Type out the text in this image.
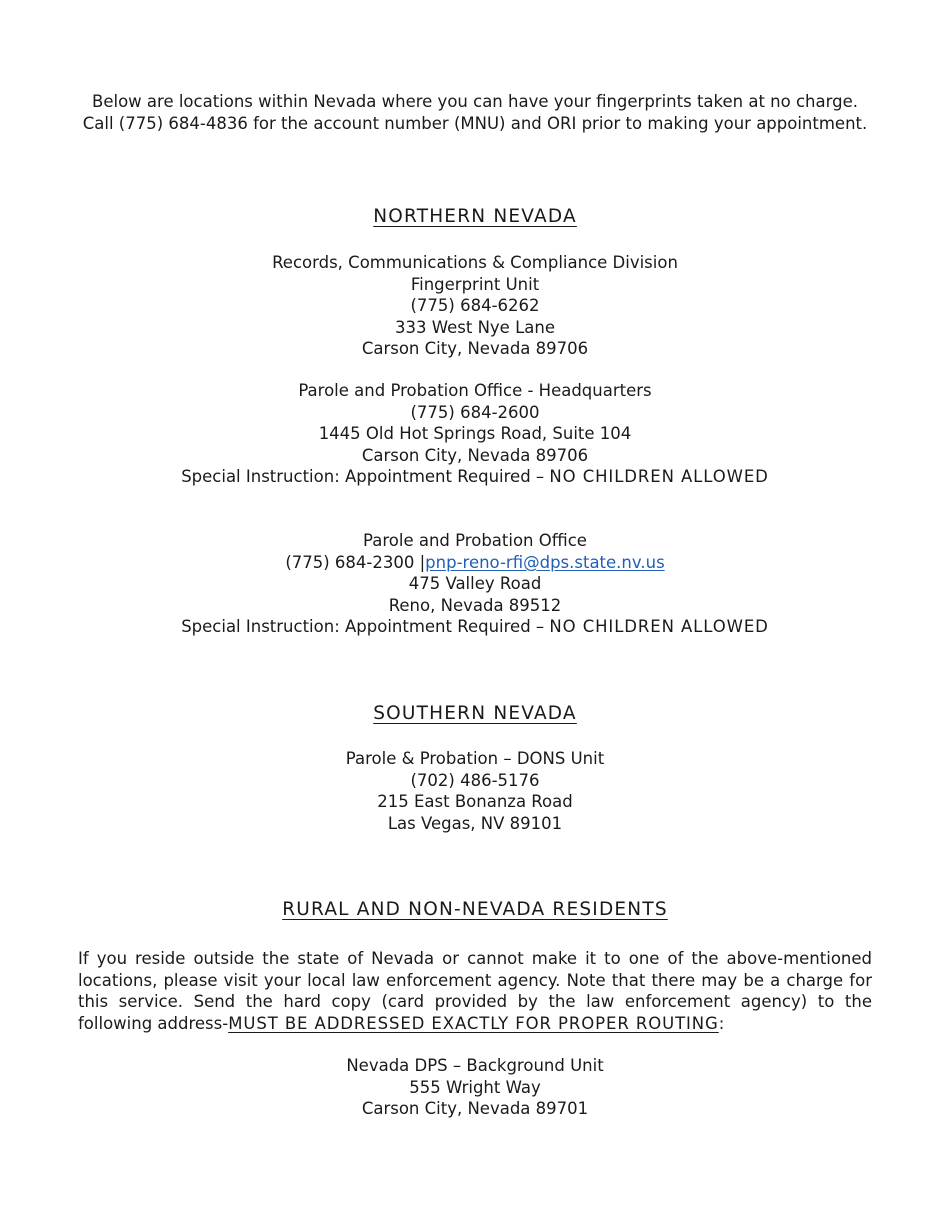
Below are locations within Nevada where you can have your fingerprints taken at no charge.
Call (775) 684-4836 for the account number (MNU) and ORI prior to making your appointment.
NORTHERN NEVADA
Records, Communications & Compliance Division
Fingerprint Unit
(775) 684-6262
333 West Nye Lane
Carson City, Nevada 89706
Parole and Probation Office - Headquarters
(775) 684-2600
1445 Old Hot Springs Road, Suite 104
Carson City, Nevada 89706
Special Instruction: Appointment Required – NO CHILDREN ALLOWED
Parole and Probation Office
(775) 684-2300 |pnp-reno-rfi@dps.state.nv.us
475 Valley Road
Reno, Nevada 89512
Special Instruction: Appointment Required – NO CHILDREN ALLOWED
SOUTHERN NEVADA
Parole & Probation – DONS Unit
(702) 486-5176
215 East Bonanza Road
Las Vegas, NV 89101
RURAL AND NON-NEVADA RESIDENTS
If you reside outside the state of Nevada or cannot make it to one of the above-mentioned locations, please visit your local law enforcement agency. Note that there may be a charge for this service. Send the hard copy (card provided by the law enforcement agency) to the following address-MUST BE ADDRESSED EXACTLY FOR PROPER ROUTING:
Nevada DPS – Background Unit
555 Wright Way
Carson City, Nevada 89701
